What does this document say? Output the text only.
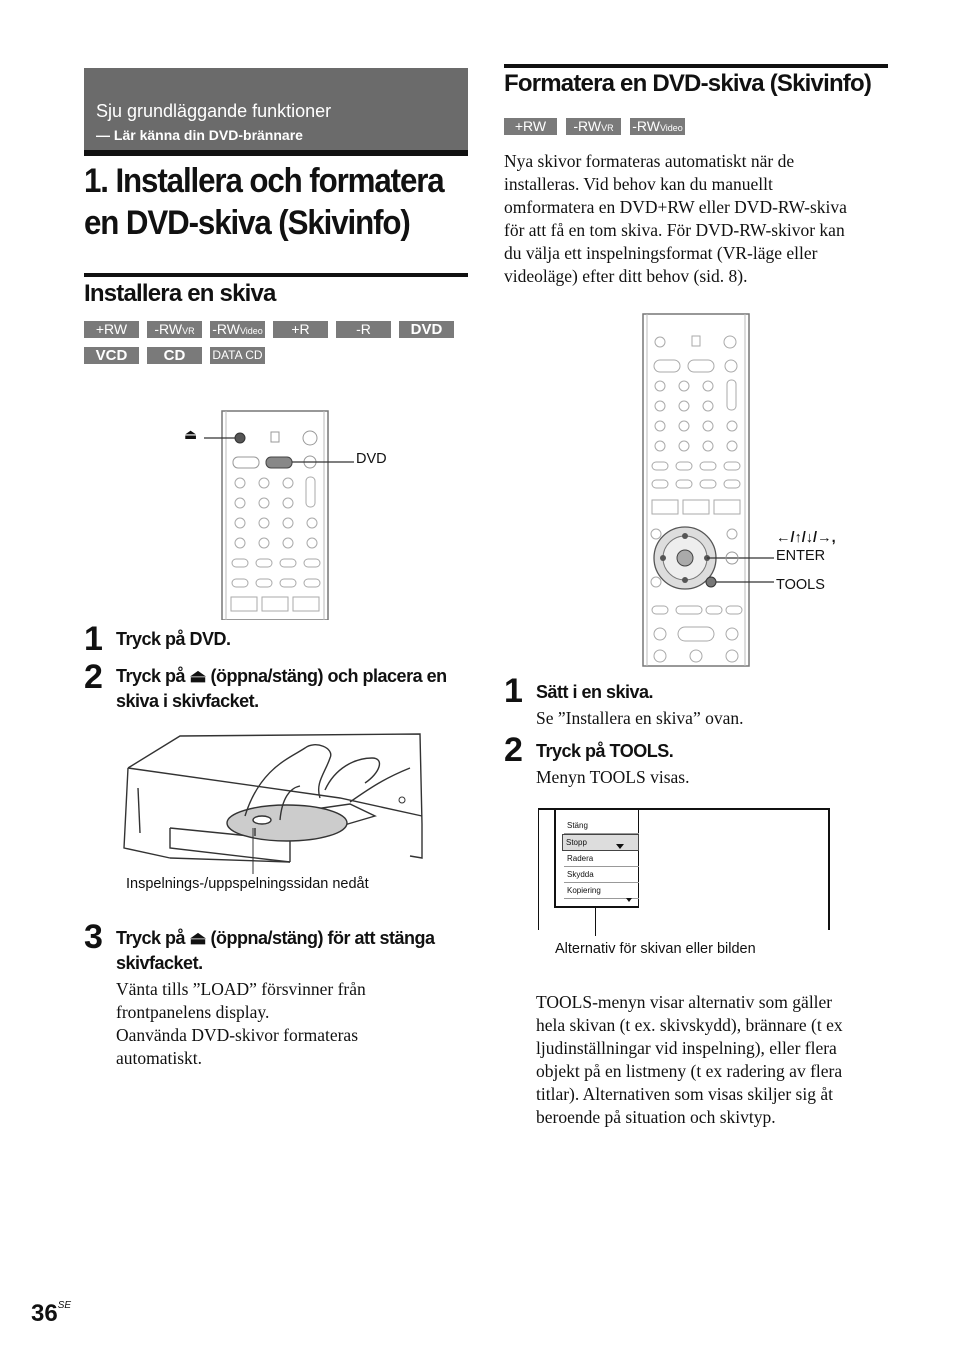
Sju grundläggande funktioner
— Lär känna din DVD-brännare
1. Installera och formatera
en DVD-skiva (Skivinfo)
Installera en skiva
+RW	-RWVR	-RWVideo	+R	-R	DVD
VCD	CD	DATA CD
⏏
DVD
1 Tryck på DVD.
2 Tryck på ⏏ (öppna/stäng) och placera en skiva i skivfacket.
Inspelnings-/uppspelningssidan nedåt
3 Tryck på ⏏ (öppna/stäng) för att stänga skivfacket.
Vänta tills ”LOAD” försvinner från
frontpanelens display.
Oanvända DVD-skivor formateras
automatiskt.
Formatera en DVD-skiva (Skivinfo)
+RW	-RWVR	-RWVideo
Nya skivor formateras automatiskt när de
installeras. Vid behov kan du manuellt
omformatera en DVD+RW eller DVD-RW-skiva
för att få en tom skiva. För DVD-RW-skivor kan
du välja ett inspelningsformat (VR-läge eller
videoläge) efter ditt behov (sid. 8).
←/↑/↓/→,
ENTER
TOOLS
1 Sätt i en skiva.
Se ”Installera en skiva” ovan.
2 Tryck på TOOLS.
Menyn TOOLS visas.
Stäng
Stopp
Radera
Skydda
Kopiering
Alternativ för skivan eller bilden
TOOLS-menyn visar alternativ som gäller
hela skivan (t ex. skivskydd), brännare (t ex
ljudinställningar vid inspelning), eller flera
objekt på en listmeny (t ex radering av flera
titlar). Alternativen som visas skiljer sig åt
beroende på situation och skivtyp.
$36^{SE}$
